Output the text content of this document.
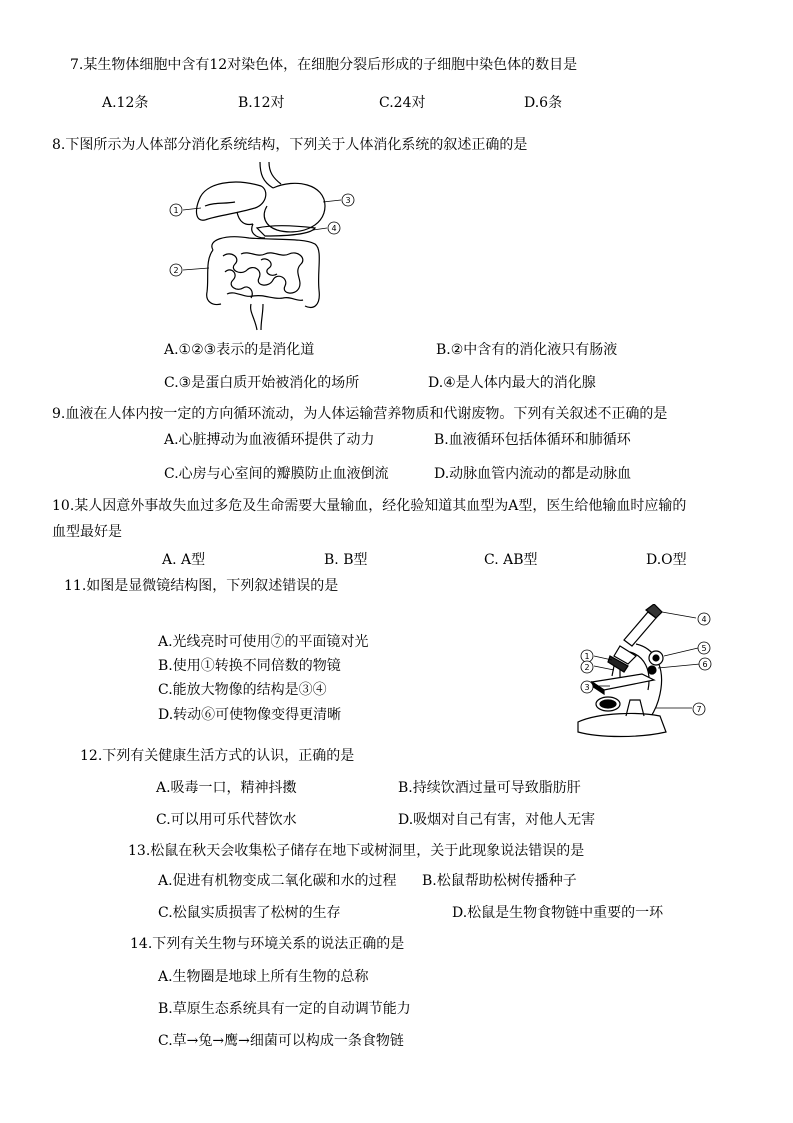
7.某生物体细胞中含有12对染色体，在细胞分裂后形成的子细胞中染色体的数目是
A.12条	B.12对	C.24对	D.6条
8.下图所示为人体部分消化系统结构，下列关于人体消化系统的叙述正确的是
1
2
3
4
A.①②③表示的是消化道	B.②中含有的消化液只有肠液
C.③是蛋白质开始被消化的场所	D.④是人体内最大的消化腺
9.血液在人体内按一定的方向循环流动，为人体运输营养物质和代谢废物。下列有关叙述不正确的是
A.心脏搏动为血液循环提供了动力	B.血液循环包括体循环和肺循环
C.心房与心室间的瓣膜防止血液倒流	D.动脉血管内流动的都是动脉血
10.某人因意外事故失血过多危及生命需要大量输血，经化验知道其血型为A型，医生给他输血时应输的
血型最好是
A. A型	B. B型	C. AB型	D.O型
11.如图是显微镜结构图，下列叙述错误的是
A.光线亮时可使用⑦的平面镜对光
B.使用①转换不同倍数的物镜
C.能放大物像的结构是③④
D.转动⑥可使物像变得更清晰
1
2
3
4
5
6
7
12.下列有关健康生活方式的认识，正确的是
A.吸毒一口，精神抖擞	B.持续饮酒过量可导致脂肪肝
C.可以用可乐代替饮水	D.吸烟对自己有害，对他人无害
13.松鼠在秋天会收集松子储存在地下或树洞里，关于此现象说法错误的是
A.促进有机物变成二氧化碳和水的过程 B.松鼠帮助松树传播种子
C.松鼠实质损害了松树的生存	D.松鼠是生物食物链中重要的一环
14.下列有关生物与环境关系的说法正确的是
A.生物圈是地球上所有生物的总称
B.草原生态系统具有一定的自动调节能力
C.草→兔→鹰→细菌可以构成一条食物链
